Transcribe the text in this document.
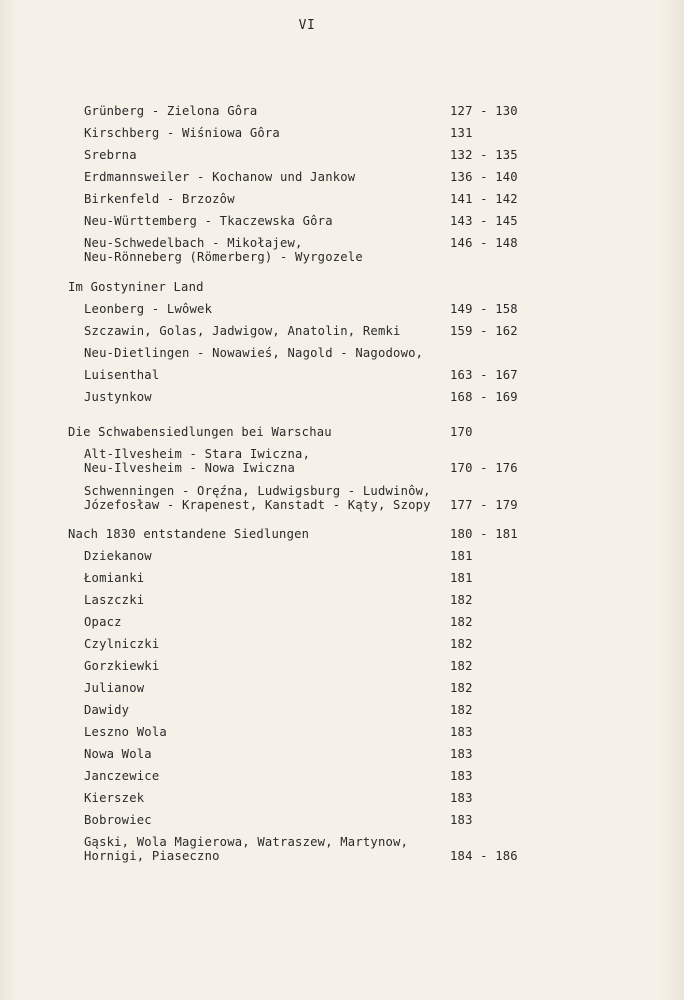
VI
Grünberg - Zielona Gôra	127 - 130
Kirschberg - Wiśniowa Gôra	131
Srebrna	132 - 135
Erdmannsweiler - Kochanow und Jankow	136 - 140
Birkenfeld - Brzozôw	141 - 142
Neu-Württemberg - Tkaczewska Gôra	143 - 145
Neu-Schwedelbach - Mikołajew,	146 - 148
Neu-Rönneberg (Römerberg) - Wyrgozele
Im Gostyniner Land
Leonberg - Lwôwek	149 - 158
Szczawin, Golas, Jadwigow, Anatolin, Remki	159 - 162
Neu-Dietlingen - Nowawieś, Nagold - Nagodowo,
Luisenthal	163 - 167
Justynkow	168 - 169
Die Schwabensiedlungen bei Warschau	170
Alt-Ilvesheim - Stara Iwiczna,
Neu-Ilvesheim - Nowa Iwiczna	170 - 176
Schwenningen - Oręźna, Ludwigsburg - Ludwinôw,
Józefosław - Krapenest, Kanstadt - Kąty, Szopy 177 - 179
Nach 1830 entstandene Siedlungen	180 - 181
Dziekanow	181
Łomianki	181
Laszczki	182
Opacz	182
Czylniczki	182
Gorzkiewki	182
Julianow	182
Dawidy	182
Leszno Wola	183
Nowa Wola	183
Janczewice	183
Kierszek	183
Bobrowiec	183
Gąski, Wola Magierowa, Watraszew, Martynow,
Hornigi, Piaseczno	184 - 186
